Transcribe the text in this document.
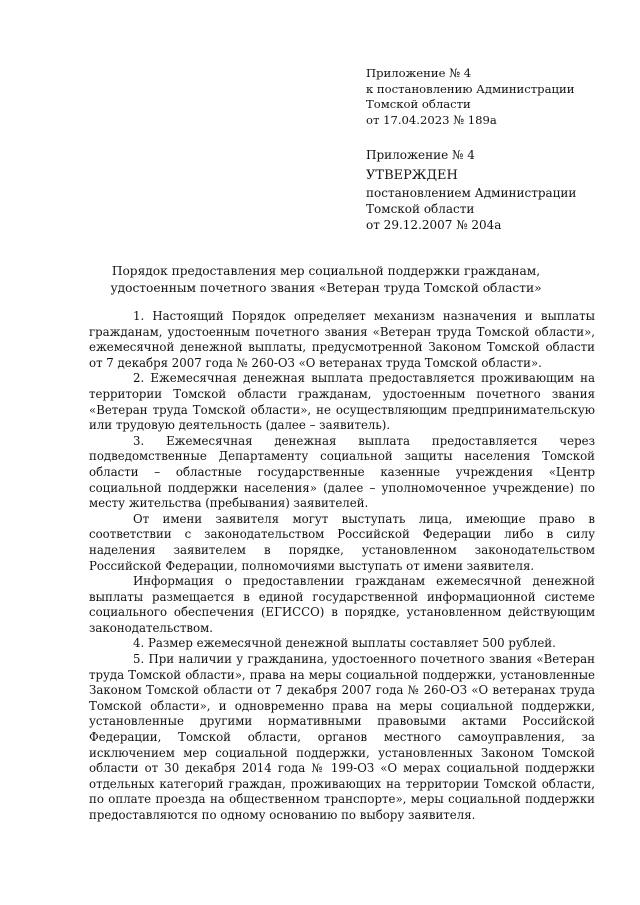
Приложение № 4
к постановлению Администрации
Томской области
от 17.04.2023 № 189а
Приложение № 4
УТВЕРЖДЕН
постановлением Администрации
Томской области
от 29.12.2007 № 204а
Порядок предоставления мер социальной поддержки гражданам, удостоенным почетного звания «Ветеран труда Томской области»

1. Настоящий Порядок определяет механизм назначения и выплаты гражданам, удостоенным почетного звания «Ветеран труда Томской области», ежемесячной денежной выплаты, предусмотренной Законом Томской области от 7 декабря 2007 года № 260-ОЗ «О ветеранах труда Томской области».

2. Ежемесячная денежная выплата предоставляется проживающим на территории Томской области гражданам, удостоенным почетного звания «Ветеран труда Томской области», не осуществляющим предпринимательскую или трудовую деятельность (далее – заявитель).

3. Ежемесячная денежная выплата предоставляется через подведомственные Департаменту социальной защиты населения Томской области – областные государственные казенные учреждения «Центр социальной поддержки населения» (далее – уполномоченное учреждение) по месту жительства (пребывания) заявителей.

От имени заявителя могут выступать лица, имеющие право в соответствии с законодательством Российской Федерации либо в силу наделения заявителем в порядке, установленном законодательством Российской Федерации, полномочиями выступать от имени заявителя.

Информация о предоставлении гражданам ежемесячной денежной выплаты размещается в единой государственной информационной системе социального обеспечения (ЕГИССО) в порядке, установленном действующим законодательством.

4. Размер ежемесячной денежной выплаты составляет 500 рублей.

5. При наличии у гражданина, удостоенного почетного звания «Ветеран труда Томской области», права на меры социальной поддержки, установленные Законом Томской области от 7 декабря 2007 года № 260-ОЗ «О ветеранах труда Томской области», и одновременно права на меры социальной поддержки, установленные другими нормативными правовыми актами Российской Федерации, Томской области, органов местного самоуправления, за исключением мер социальной поддержки, установленных Законом Томской области от 30 декабря 2014 года № 199-ОЗ «О мерах социальной поддержки отдельных категорий граждан, проживающих на территории Томской области, по оплате проезда на общественном транспорте», меры социальной поддержки предоставляются по одному основанию по выбору заявителя.
